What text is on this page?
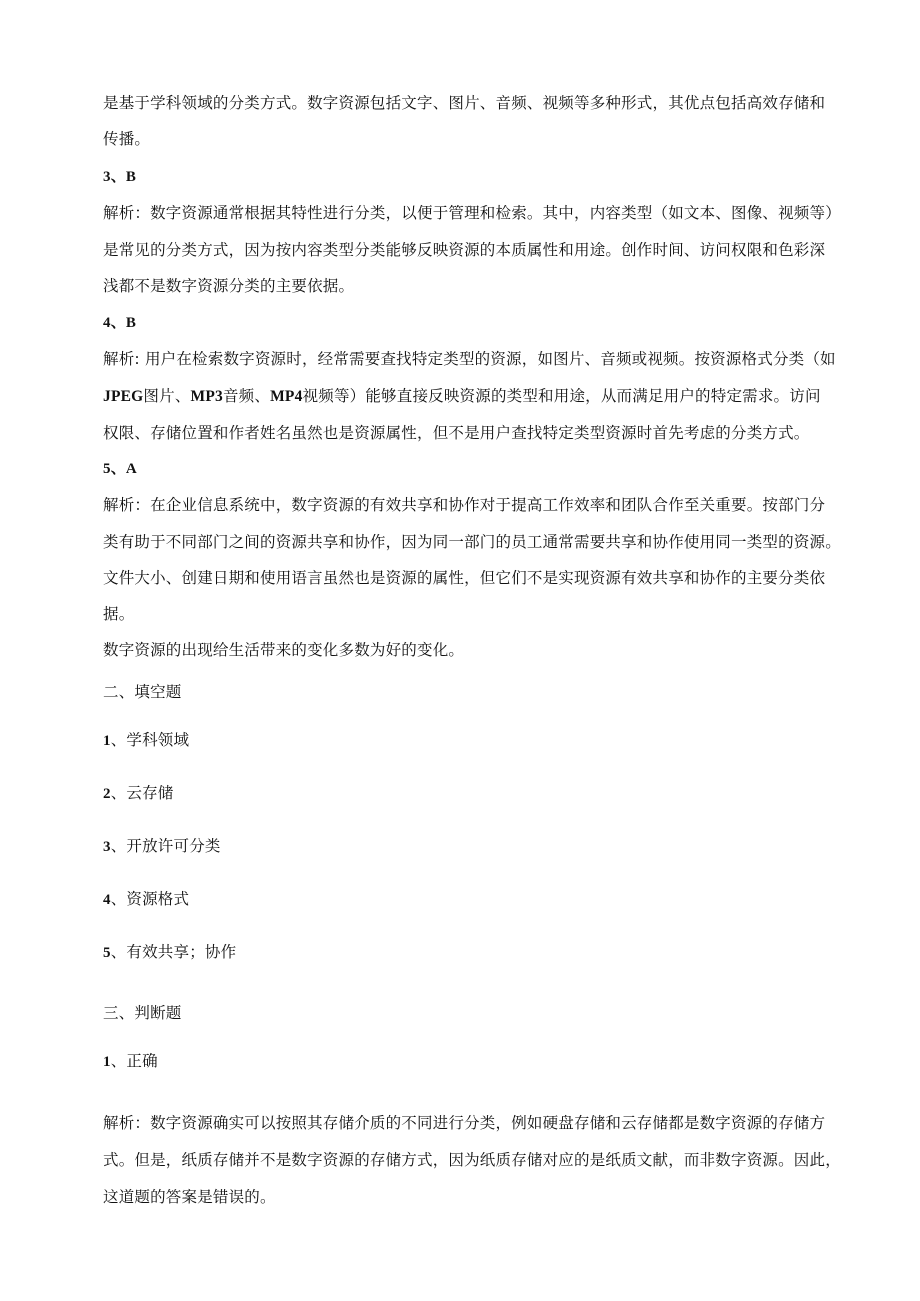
是基于学科领域的分类方式。数字资源包括文字、图片、音频、视频等多种形式，其优点包括高效存储和
传播。
3、B
解析：数字资源通常根据其特性进行分类，以便于管理和检索。其中，内容类型（如文本、图像、视频等）
是常见的分类方式，因为按内容类型分类能够反映资源的本质属性和用途。创作时间、访问权限和色彩深
浅都不是数字资源分类的主要依据。
4、B
解析: 用户在检索数字资源时，经常需要查找特定类型的资源，如图片、音频或视频。按资源格式分类（如
JPEG图片、MP3音频、MP4视频等）能够直接反映资源的类型和用途，从而满足用户的特定需求。访问
权限、存储位置和作者姓名虽然也是资源属性，但不是用户查找特定类型资源时首先考虑的分类方式。
5、A
解析：在企业信息系统中，数字资源的有效共享和协作对于提高工作效率和团队合作至关重要。按部门分
类有助于不同部门之间的资源共享和协作，因为同一部门的员工通常需要共享和协作使用同一类型的资源。
文件大小、创建日期和使用语言虽然也是资源的属性，但它们不是实现资源有效共享和协作的主要分类依
据。
数字资源的出现给生活带来的变化多数为好的变化。
二、填空题
1、学科领域
2、云存储
3、开放许可分类
4、资源格式
5、有效共享；协作
三、判断题
1、正确
解析：数字资源确实可以按照其存储介质的不同进行分类，例如硬盘存储和云存储都是数字资源的存储方
式。但是，纸质存储并不是数字资源的存储方式，因为纸质存储对应的是纸质文献，而非数字资源。因此，
这道题的答案是错误的。
